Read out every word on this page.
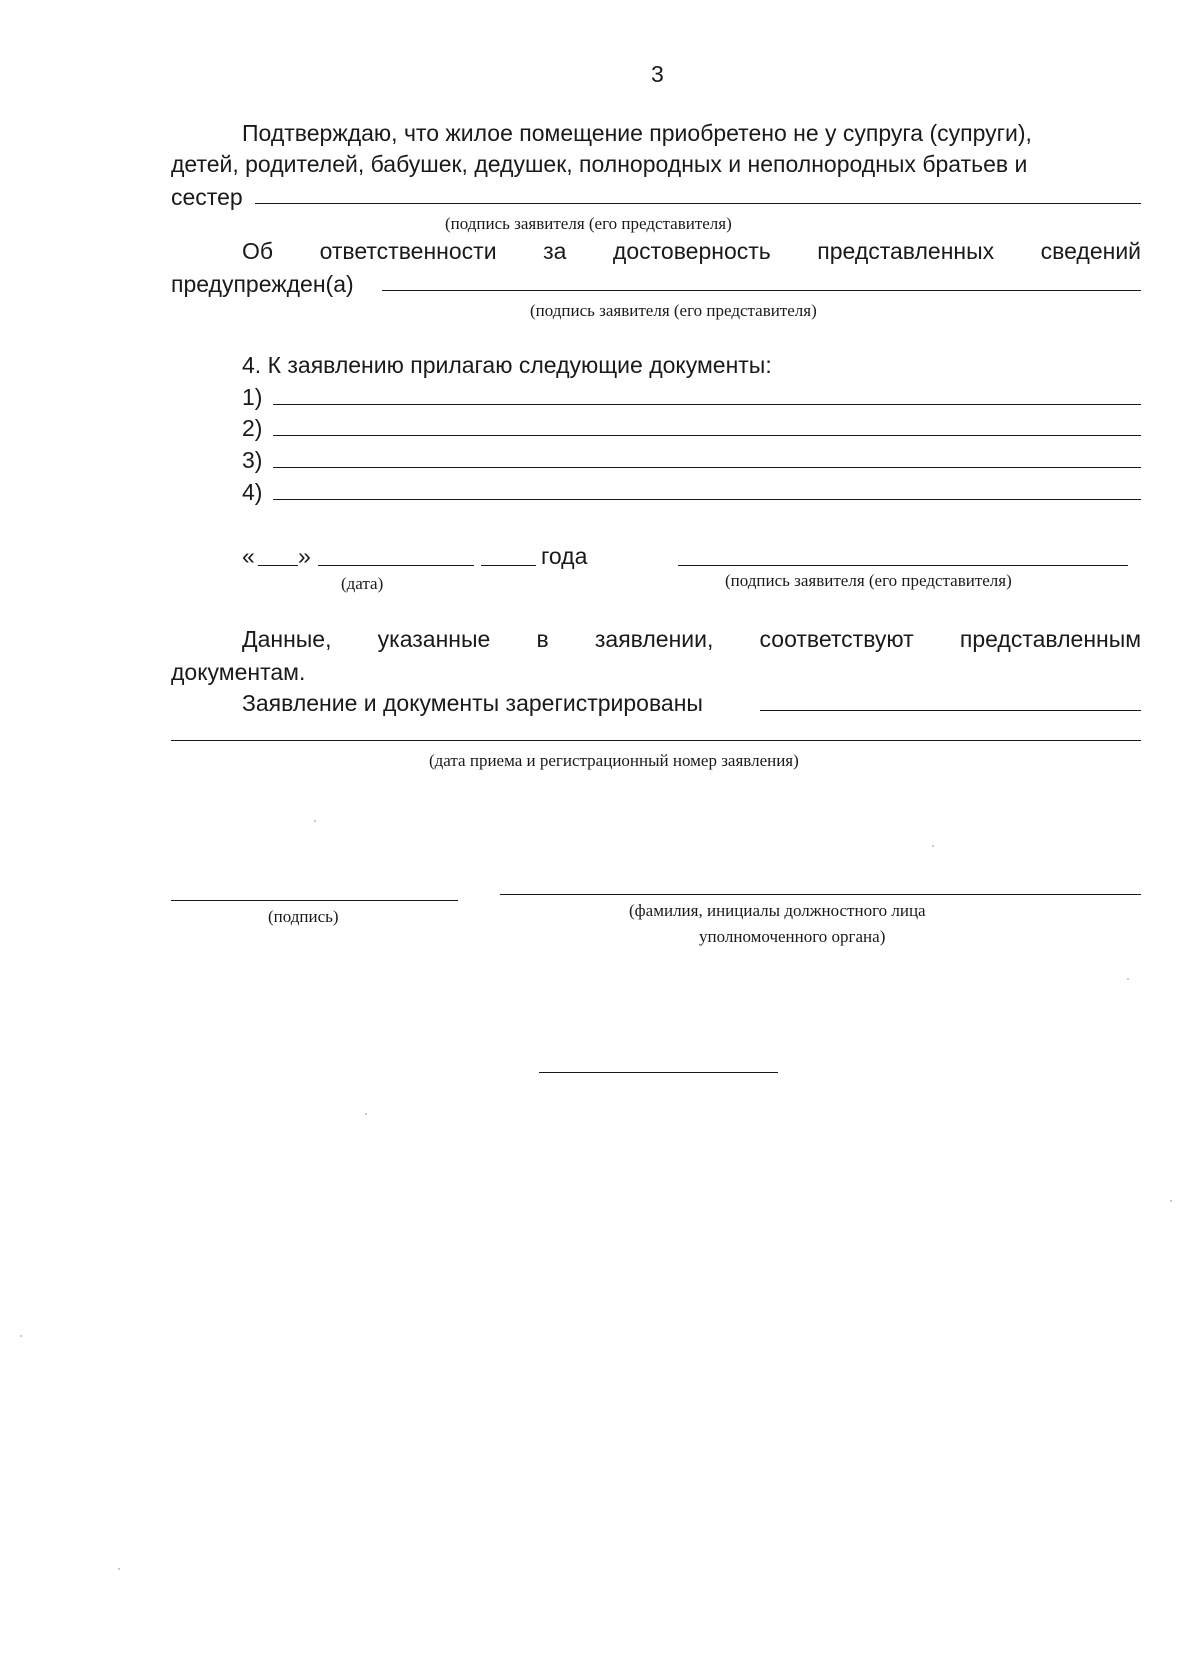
3
Подтверждаю, что жилое помещение приобретено не у супруга (супруги),
детей, родителей, бабушек, дедушек, полнородных и неполнородных братьев и
сестер
(подпись заявителя (его представителя)
Об ответственности за достоверность представленных сведений
предупрежден(а)
(подпись заявителя (его представителя)
4. К заявлению прилагаю следующие документы:
1)
2)
3)
4)
« »	года
(дата)	(подпись заявителя (его представителя)
Данные, указанные в заявлении, соответствуют представленным
документам.
Заявление и документы зарегистрированы
(дата приема и регистрационный номер заявления)
(подпись)	(фамилия, инициалы должностного лица
уполномоченного органа)
